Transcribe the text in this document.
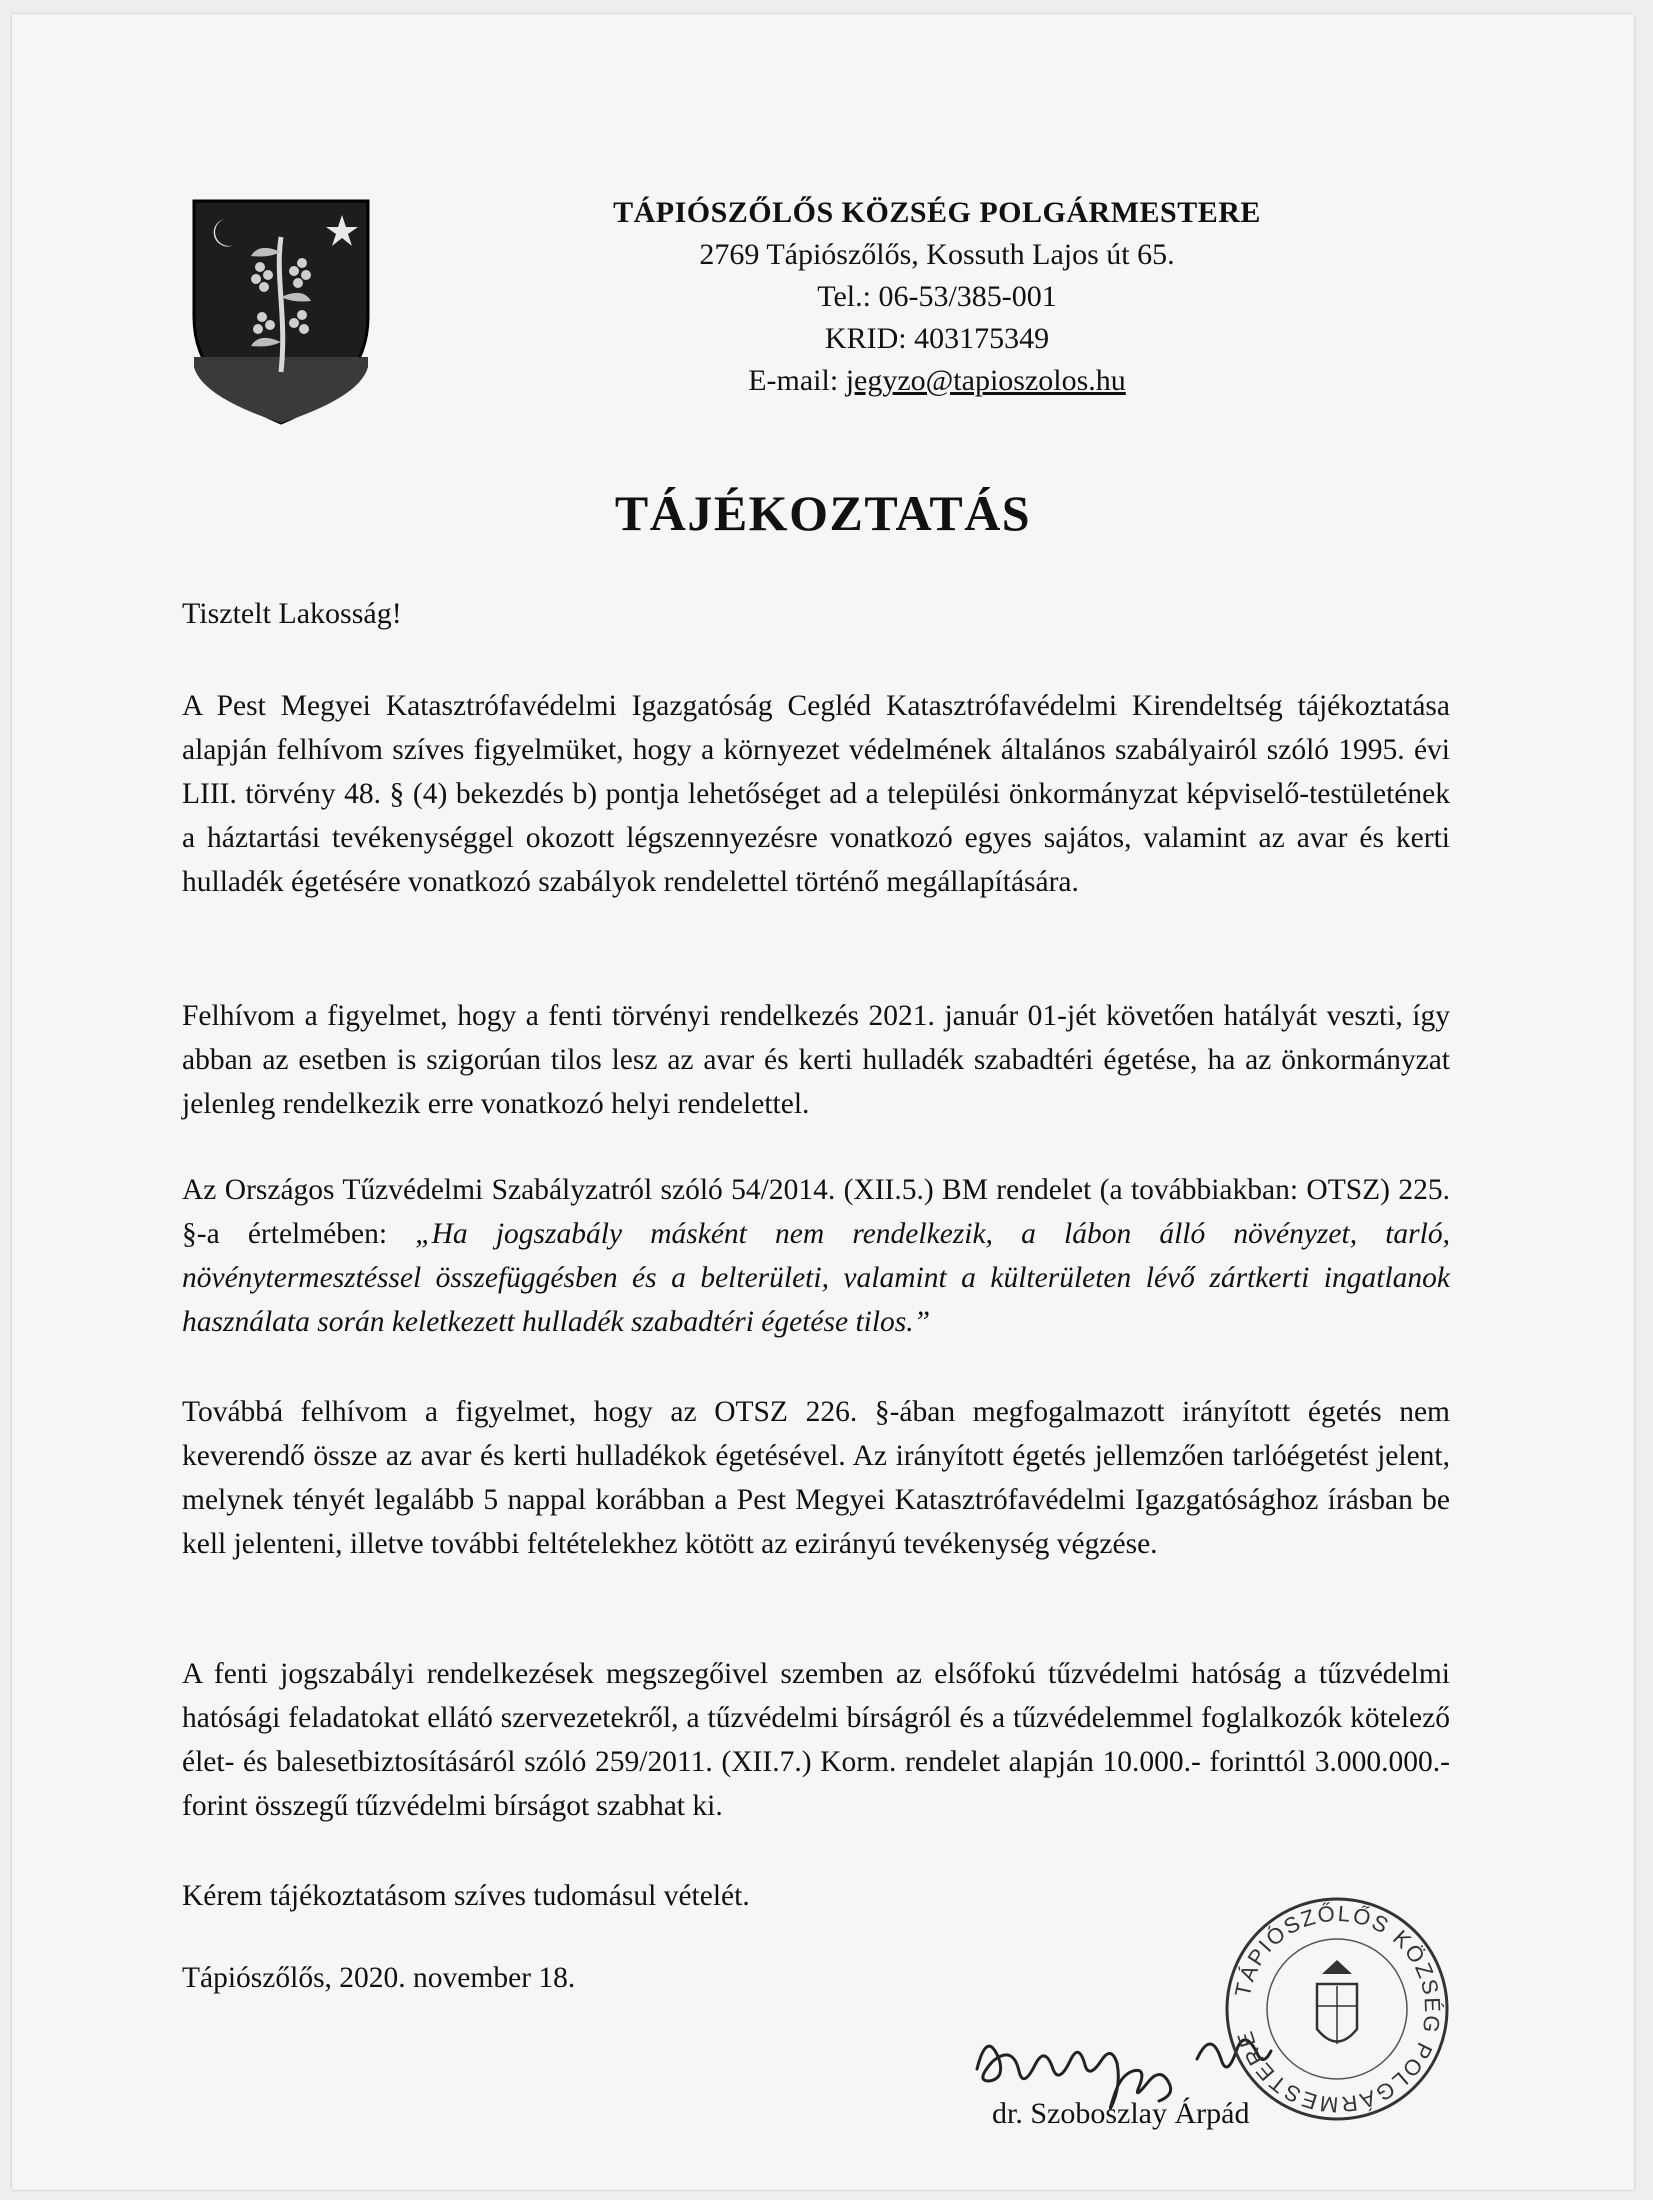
TÁPIÓSZŐLŐS KÖZSÉG POLGÁRMESTERE
2769 Tápiószőlős, Kossuth Lajos út 65.
Tel.: 06-53/385-001
KRID: 403175349
E-mail: jegyzo@tapioszolos.hu
TÁJÉKOZTATÁS
Tisztelt Lakosság!
A Pest Megyei Katasztrófavédelmi Igazgatóság Cegléd Katasztrófavédelmi Kirendeltség tájékoztatása alapján felhívom szíves figyelmüket, hogy a környezet védelmének általános szabályairól szóló 1995. évi LIII. törvény 48. § (4) bekezdés b) pontja lehetőséget ad a települési önkormányzat képviselő-testületének a háztartási tevékenységgel okozott légszennyezésre vonatkozó egyes sajátos, valamint az avar és kerti hulladék égetésére vonatkozó szabályok rendelettel történő megállapítására.
Felhívom a figyelmet, hogy a fenti törvényi rendelkezés 2021. január 01-jét követően hatályát veszti, így abban az esetben is szigorúan tilos lesz az avar és kerti hulladék szabadtéri égetése, ha az önkormányzat jelenleg rendelkezik erre vonatkozó helyi rendelettel.
Az Országos Tűzvédelmi Szabályzatról szóló 54/2014. (XII.5.) BM rendelet (a továbbiakban: OTSZ) 225. §-a értelmében: „Ha jogszabály másként nem rendelkezik, a lábon álló növényzet, tarló, növénytermesztéssel összefüggésben és a belterületi, valamint a külterületen lévő zártkerti ingatlanok használata során keletkezett hulladék szabadtéri égetése tilos.”
Továbbá felhívom a figyelmet, hogy az OTSZ 226. §-ában megfogalmazott irányított égetés nem keverendő össze az avar és kerti hulladékok égetésével. Az irányított égetés jellemzően tarlóégetést jelent, melynek tényét legalább 5 nappal korábban a Pest Megyei Katasztrófavédelmi Igazgatósághoz írásban be kell jelenteni, illetve további feltételekhez kötött az ezirányú tevékenység végzése.
A fenti jogszabályi rendelkezések megszegőivel szemben az elsőfokú tűzvédelmi hatóság a tűzvédelmi hatósági feladatokat ellátó szervezetekről, a tűzvédelmi bírságról és a tűzvédelemmel foglalkozók kötelező élet- és balesetbiztosításáról szóló 259/2011. (XII.7.) Korm. rendelet alapján 10.000.- forinttól 3.000.000.- forint összegű tűzvédelmi bírságot szabhat ki.
Kérem tájékoztatásom szíves tudomásul vételét.
Tápiószőlős, 2020. november 18.	TÁPIÓSZŐLŐS KÖZSÉG POLGÁRMESTERE
dr. Szoboszlay Árpád
